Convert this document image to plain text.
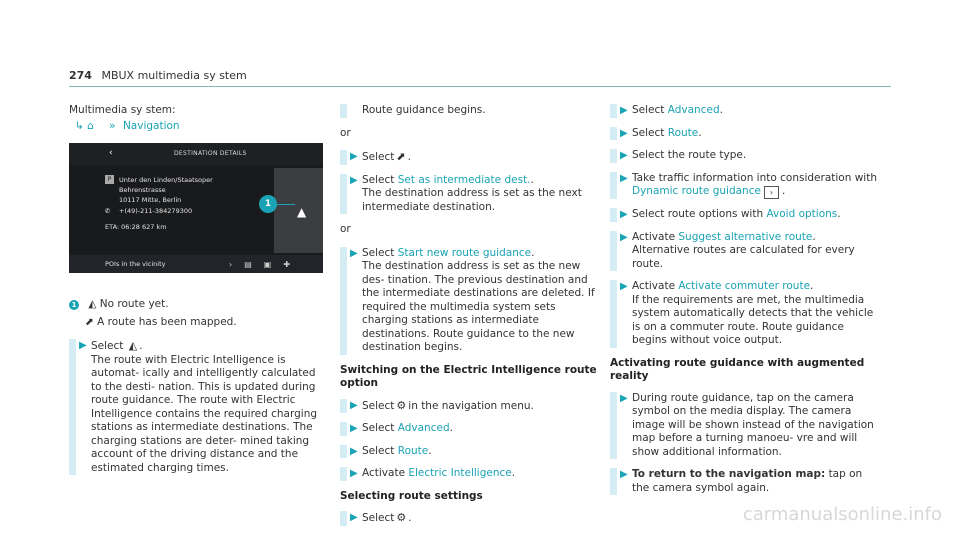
274 MBUX multimedia sy stem
Multimedia sy stem:
↳ ⌂ » Navigation
1 ◭ No route yet.
⬈ A route has been mapped.
▶ Select ◭ .
The route with Electric Intelligence is automat- ically and intelligently calculated to the desti- nation. This is updated during route guidance. The route with Electric Intelligence contains the required charging stations as intermediate destinations. The charging stations are deter- mined taking account of the driving distance and the estimated charging times.
‹	DESTINATION DETAILS
P	Unter den Linden/Staatsoper
Behrenstrasse
10117 Mitte, Berlin
✆ +(49)-211-384279300
ETA: 06:28 627 km
▲
1
POIs in the vicinity	›▤▣✚
Route guidance begins.
or
▶ Select ⬈ .
▶ Select Set as intermediate dest..
The destination address is set as the next intermediate destination.
or
▶ Select Start new route guidance.
The destination address is set as the new des- tination. The previous destination and the intermediate destinations are deleted. If required the multimedia system sets charging stations as intermediate destinations. Route guidance to the new destination begins.
Switching on the Electric Intelligence route option
▶ Select ⚙ in the navigation menu.
▶ Select Advanced.
▶ Select Route.
▶ Activate Electric Intelligence.
Selecting route settings
▶ Select ⚙ .
▶ Select Advanced.
▶ Select Route.
▶ Select the route type.
▶ Take traffic information into consideration with
Dynamic route guidance › .
▶ Select route options with Avoid options.
▶ Activate Suggest alternative route.
Alternative routes are calculated for every route.
▶ Activate Activate commuter route.
If the requirements are met, the multimedia system automatically detects that the vehicle is on a commuter route. Route guidance begins without voice output.
Activating route guidance with augmented reality
▶ During route guidance, tap on the camera symbol on the media display. The camera image will be shown instead of the navigation map before a turning manoeu- vre and will show additional information.
▶ To return to the navigation map: tap on the camera symbol again.
carmanualsonline.info
